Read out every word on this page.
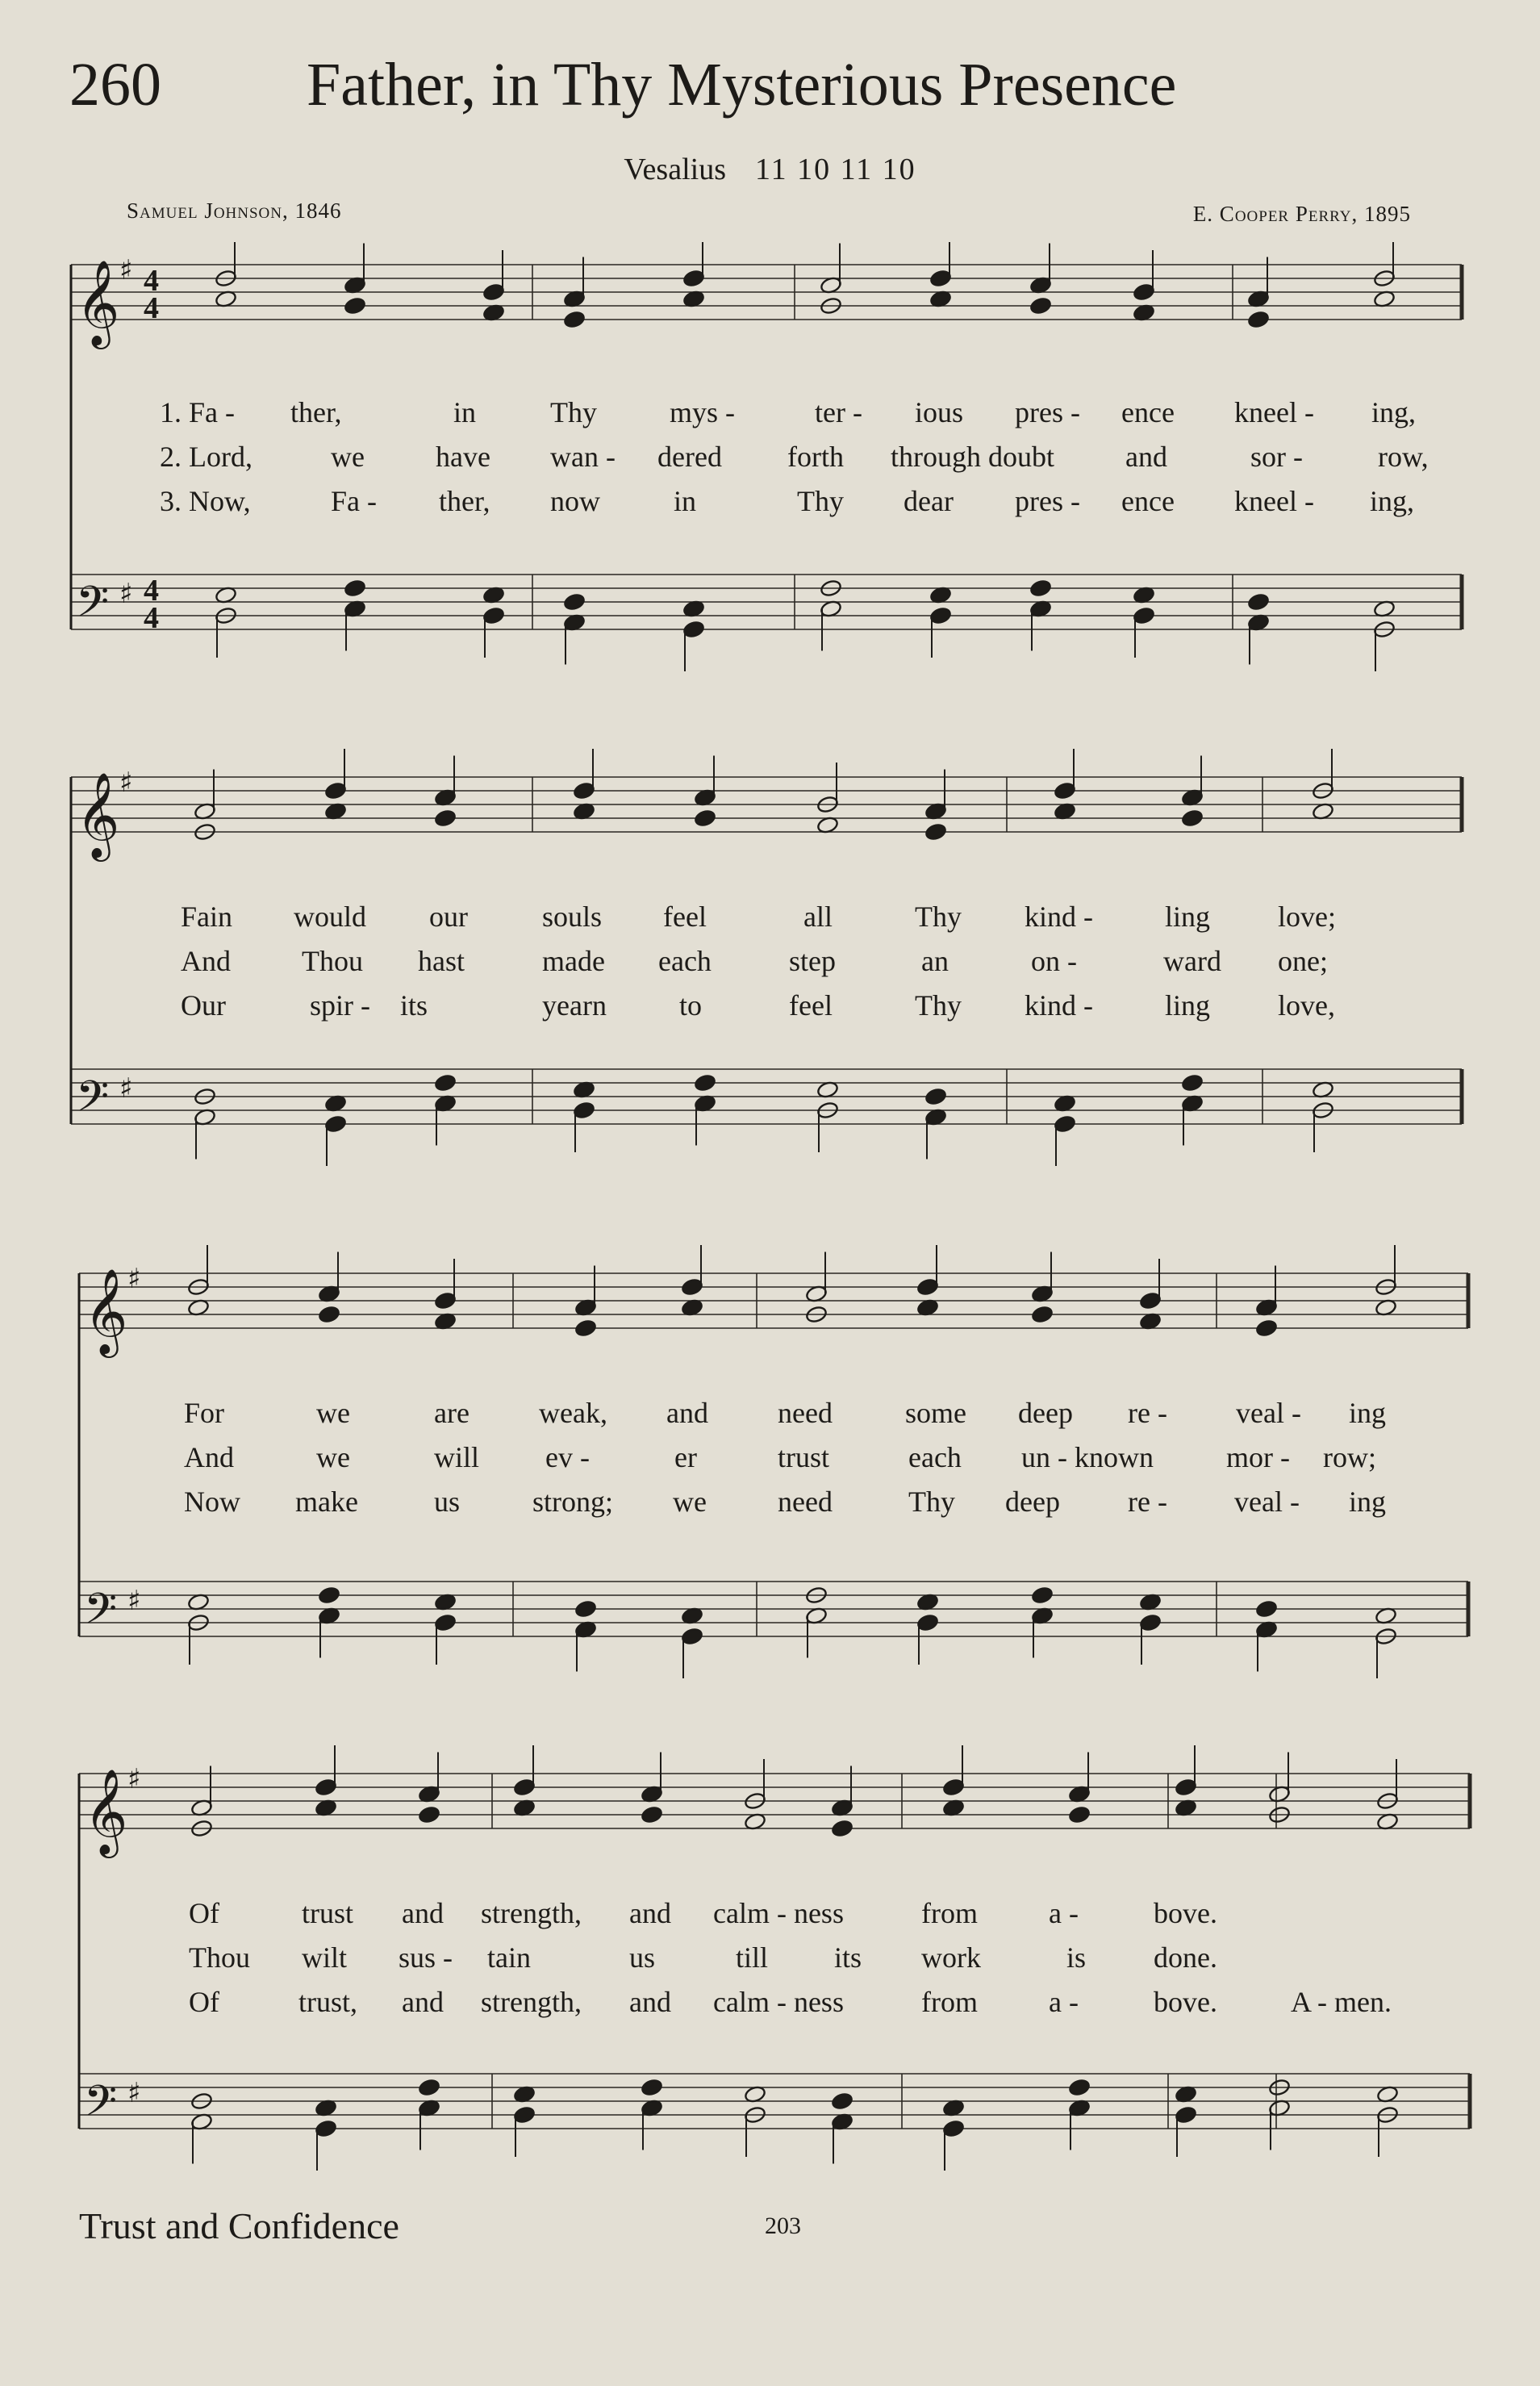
260 Father, in Thy Mysterious Presence
Vesalius 11 10 11 10
Samuel Johnson, 1846	E. Cooper Perry, 1895
𝄞 ♯ 4
4
𝄢 ♯ 4
4
1. Fa - ther,	in	Thy	mys -	ter - ious pres - ence kneel - ing,
2. Lord,	we have wan - dered forth through doubt and	sor -	row,
3. Now,	Fa - ther, now	in	Thy dear pres - ence kneel - ing,
𝄞 ♯
𝄢 ♯
Fain would our	souls feel	all	Thy kind - ling love;
And Thou hast	made each	step	an	on -	ward one;
Our	spir - its	yearn	to	feel	Thy kind - ling love,
𝄞 ♯
𝄢 ♯
For	we	are weak, and need	some deep re - veal - ing
And	we	will ev -	er	trust	each un - known	mor - row;
Now make	us strong; we need	Thy deep re - veal - ing
𝄞 ♯
𝄢 ♯
Of	trust and strength, and calm - ness	from a -	bove.
Thou wilt sus - tain	us	till its work	is done.
Of	trust, and strength, and calm - ness	from a -	bove.	A - men.
Trust and Confidence	203
